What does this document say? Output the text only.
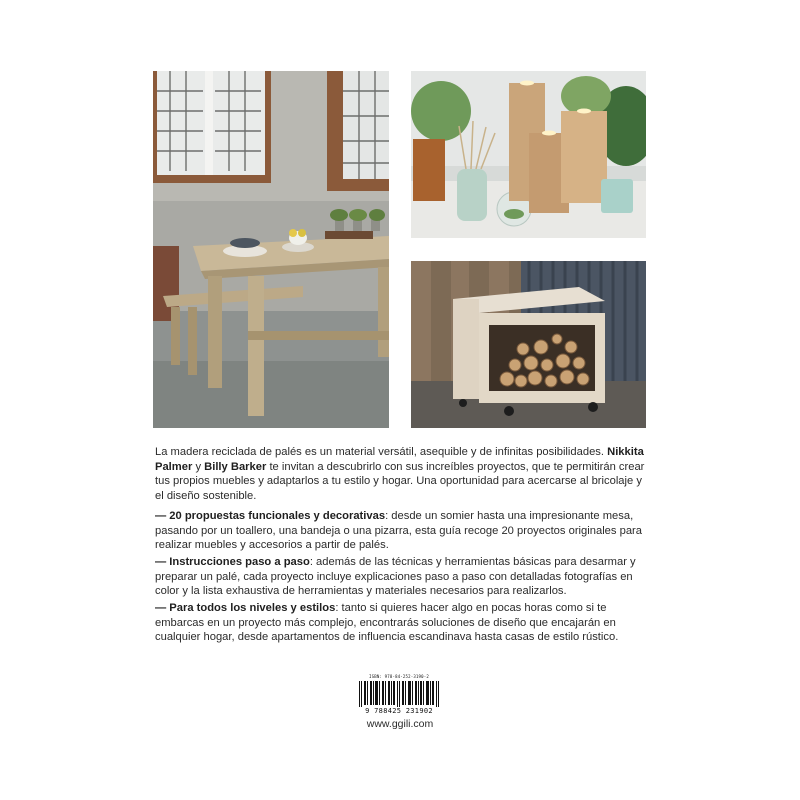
La madera reciclada de palés es un material versátil, asequible y de infinitas posibilidades. Nikkita Palmer y Billy Barker te invitan a descubrirlo con sus increíbles proyectos, que te permitirán crear tus propios muebles y adaptarlos a tu estilo y hogar. Una oportunidad para acercarse al bricolaje y el diseño sostenible.

— 20 propuestas funcionales y decorativas: desde un somier hasta una impresionante mesa, pasando por un toallero, una bandeja o una pizarra, esta guía recoge 20 proyectos originales para realizar muebles y accesorios a partir de palés.

— Instrucciones paso a paso: además de las técnicas y herramientas básicas para desarmar y preparar un palé, cada proyecto incluye explicaciones paso a paso con detalladas fotografías en color y la lista exhaustiva de herramientas y materiales necesarios para realizarlos.

— Para todos los niveles y estilos: tanto si quieres hacer algo en pocas horas como si te embarcas en un proyecto más complejo, encontrarás soluciones de diseño que encajarán en cualquier hogar, desde apartamentos de influencia escandinava hasta casas de estilo rústico.

ISBN: 978-84-252-3190-2
9 788425 231902
www.ggili.com
